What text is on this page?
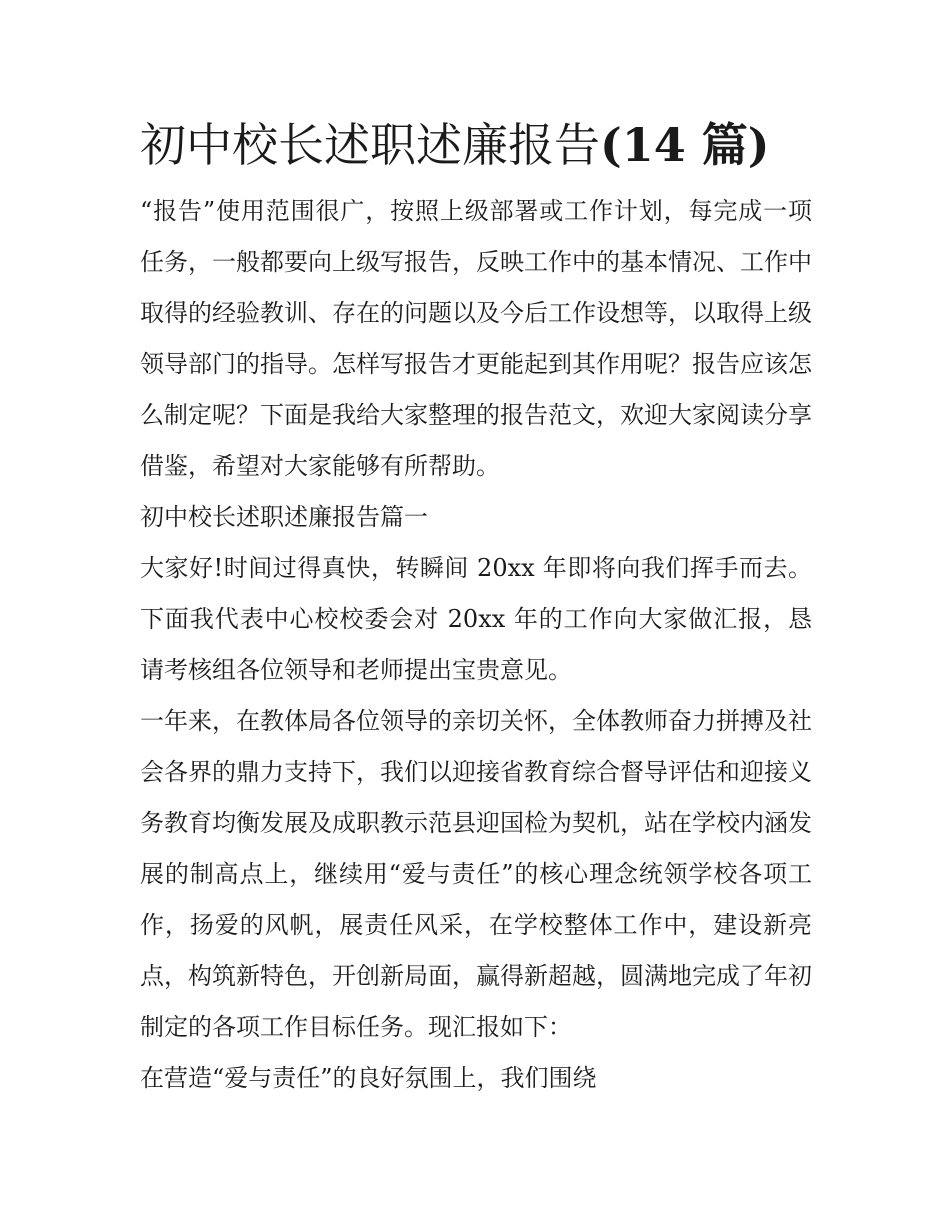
初中校长述职述廉报告(14 篇)

“报告”使用范围很广，按照上级部署或工作计划，每完成一项任务，一般都要向上级写报告，反映工作中的基本情况、工作中取得的经验教训、存在的问题以及今后工作设想等，以取得上级领导部门的指导。怎样写报告才更能起到其作用呢？报告应该怎么制定呢？下面是我给大家整理的报告范文，欢迎大家阅读分享借鉴，希望对大家能够有所帮助。

初中校长述职述廉报告篇一

大家好!时间过得真快，转瞬间 20xx 年即将向我们挥手而去。下面我代表中心校校委会对 20xx 年的工作向大家做汇报，恳请考核组各位领导和老师提出宝贵意见。

一年来，在教体局各位领导的亲切关怀，全体教师奋力拼搏及社会各界的鼎力支持下，我们以迎接省教育综合督导评估和迎接义务教育均衡发展及成职教示范县迎国检为契机，站在学校内涵发展的制高点上，继续用“爱与责任”的核心理念统领学校各项工作，扬爱的风帆，展责任风采，在学校整体工作中，建设新亮点，构筑新特色，开创新局面，赢得新超越，圆满地完成了年初制定的各项工作目标任务。现汇报如下：

在营造“爱与责任”的良好氛围上，我们围绕
